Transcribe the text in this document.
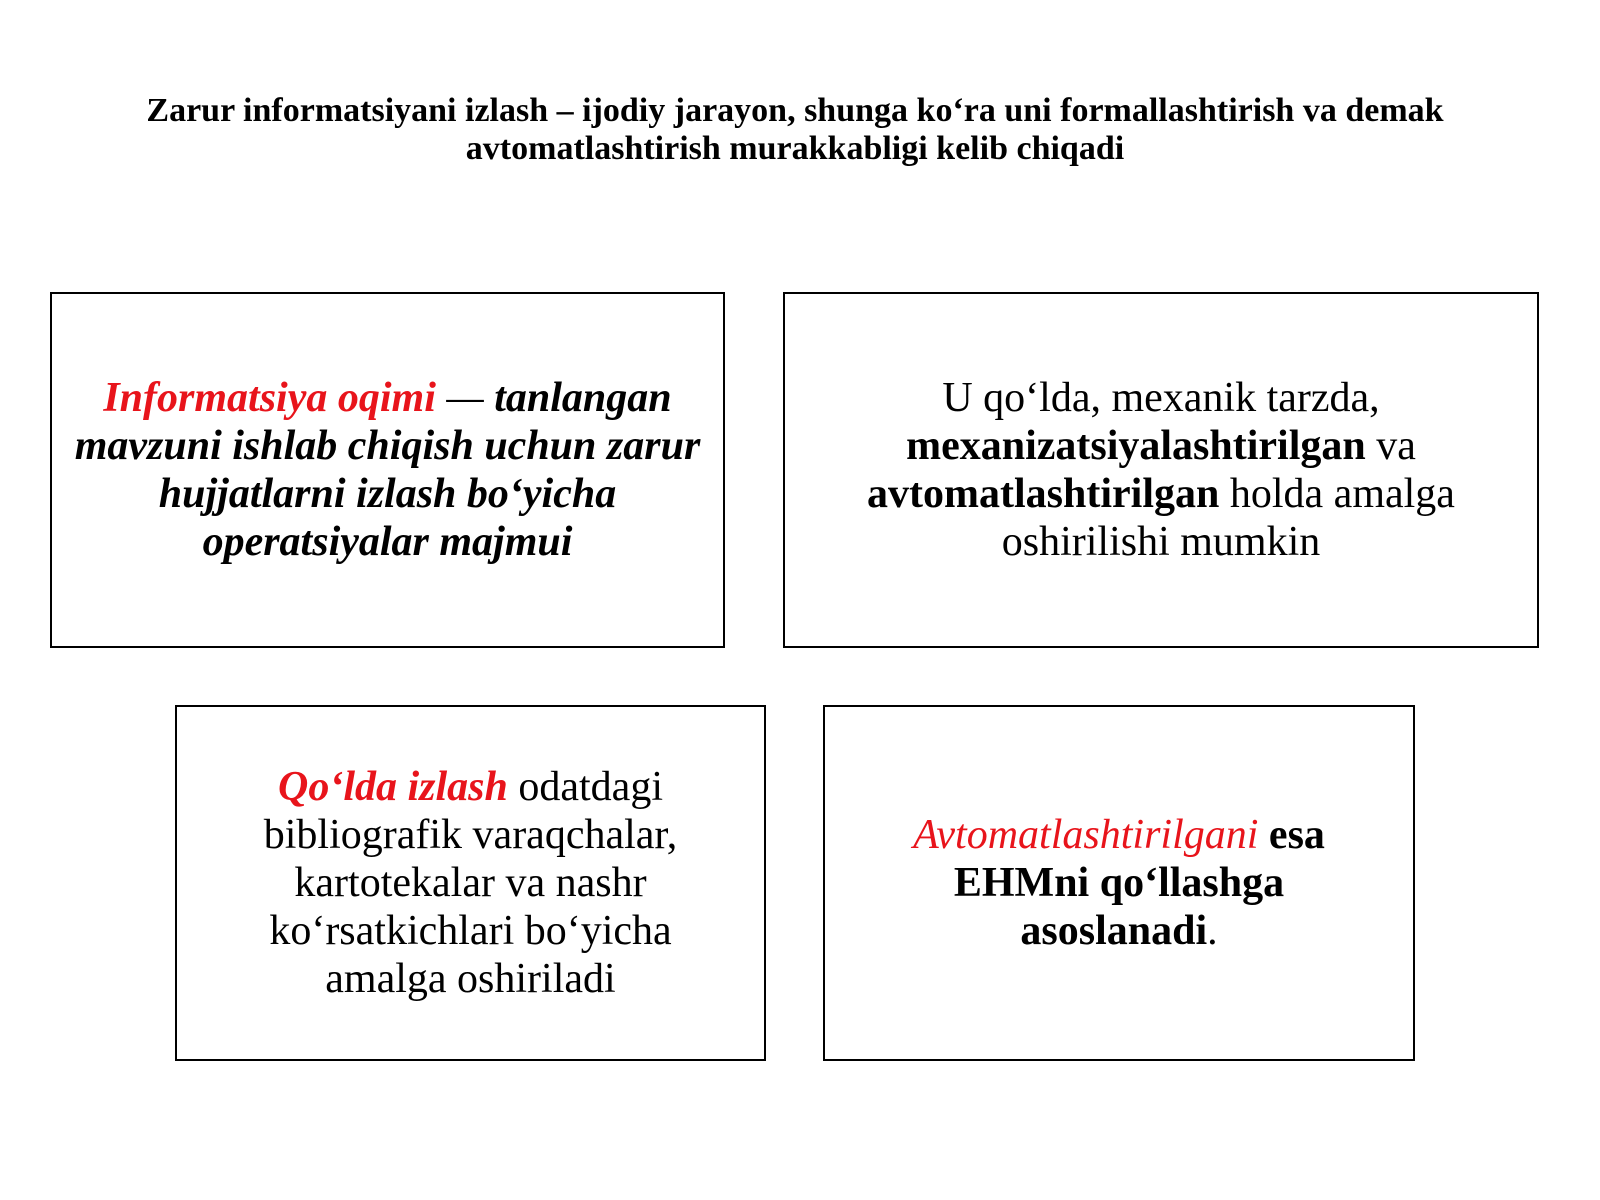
Zarur informatsiyani izlash – ijodiy jarayon, shunga ko‘ra uni formallashtirish va demak
avtomatlashtirish murakkabligi kelib chiqadi
Informatsiya oqimi — tanlangan mavzuni ishlab chiqish uchun zarur hujjatlarni izlash bo‘yicha operatsiyalar majmui
U qo‘lda, mexanik tarzda, mexanizatsiyalashtirilgan va avtomatlashtirilgan holda amalga oshirilishi mumkin
Qo‘lda izlash odatdagi bibliografik varaqchalar, kartotekalar va nashr ko‘rsatkichlari bo‘yicha amalga oshiriladi
Avtomatlashtirilgani esa EHMni qo‘llashga asoslanadi.
